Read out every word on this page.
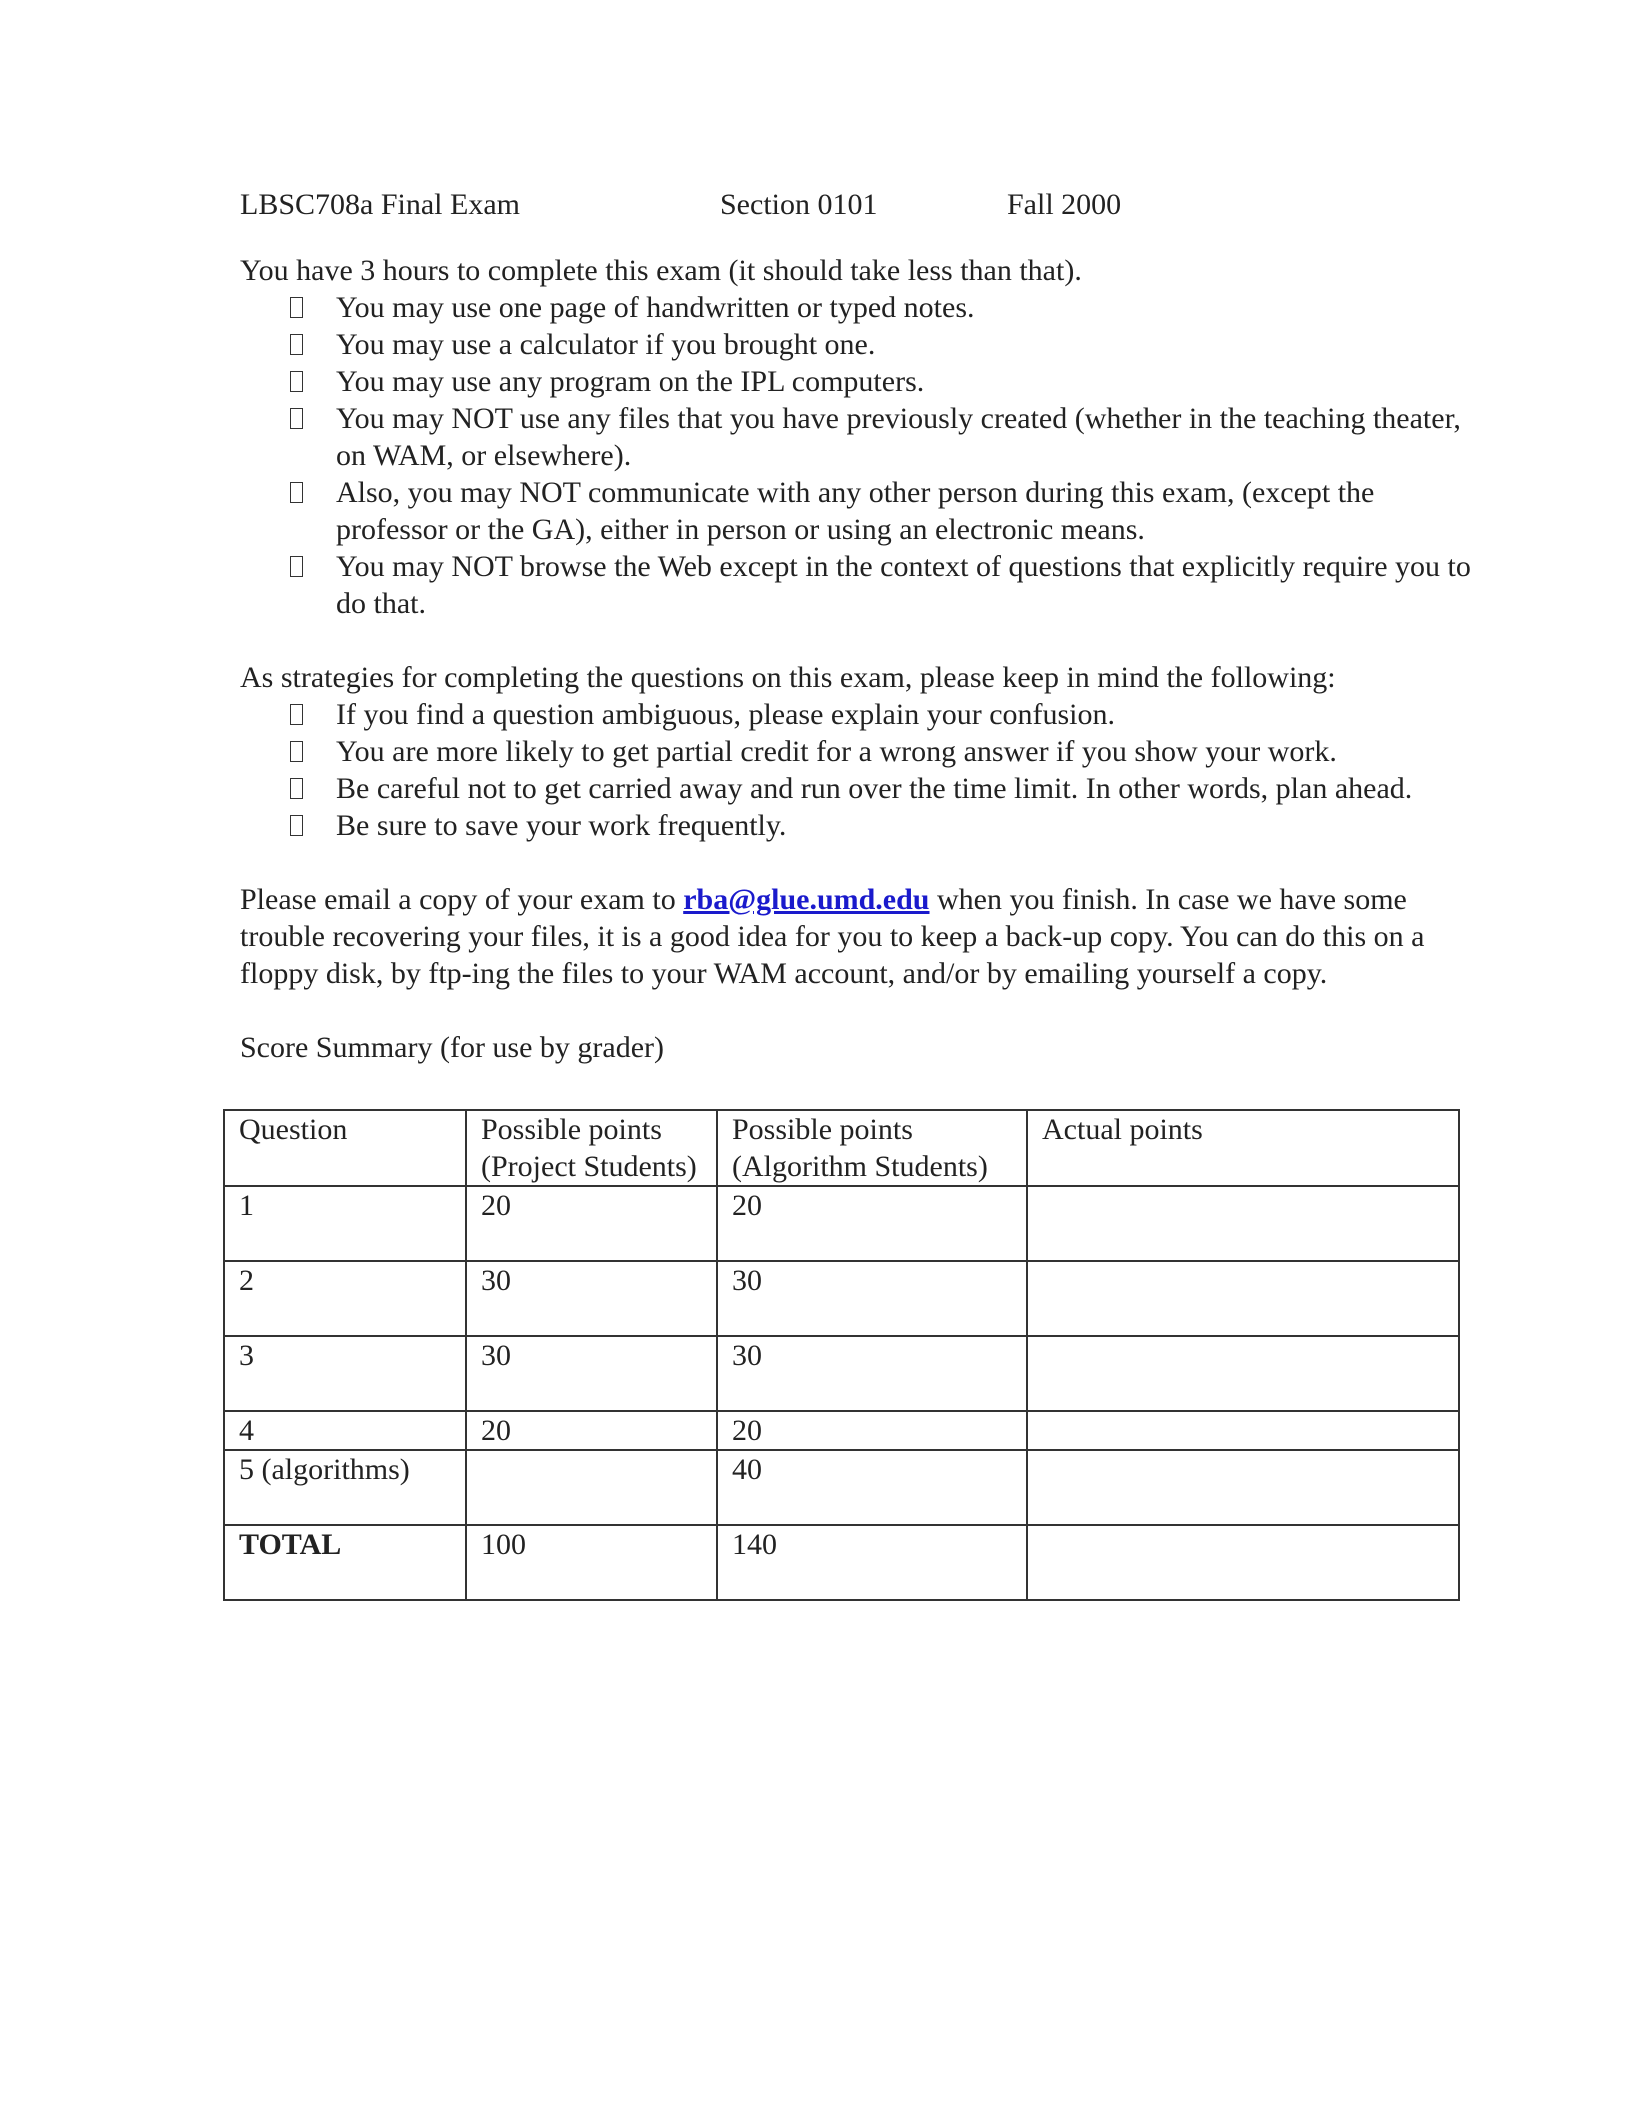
LBSC708a Final Exam	Section 0101	Fall 2000

You have 3 hours to complete this exam (it should take less than that).

You may use one page of handwritten or typed notes.
You may use a calculator if you brought one.
You may use any program on the IPL computers.
You may NOT use any files that you have previously created (whether in the teaching theater, on WAM, or elsewhere).
Also, you may NOT communicate with any other person during this exam, (except the professor or the GA), either in person or using an electronic means.
You may NOT browse the Web except in the context of questions that explicitly require you to do that.

As strategies for completing the questions on this exam, please keep in mind the following:

If you find a question ambiguous, please explain your confusion.
You are more likely to get partial credit for a wrong answer if you show your work.
Be careful not to get carried away and run over the time limit. In other words, plan ahead.
Be sure to save your work frequently.

Please email a copy of your exam to rba@glue.umd.edu when you finish. In case we have some trouble recovering your files, it is a good idea for you to keep a back-up copy. You can do this on a floppy disk, by ftp-ing the files to your WAM account, and/or by emailing yourself a copy.

Score Summary (for use by grader)

Question	Possible points (Project Students)	Possible points (Algorithm Students)	Actual points
1	20	20	
2	30	30	
3	30	30	
4	20	20	
5 (algorithms)		40	
TOTAL	100	140	
